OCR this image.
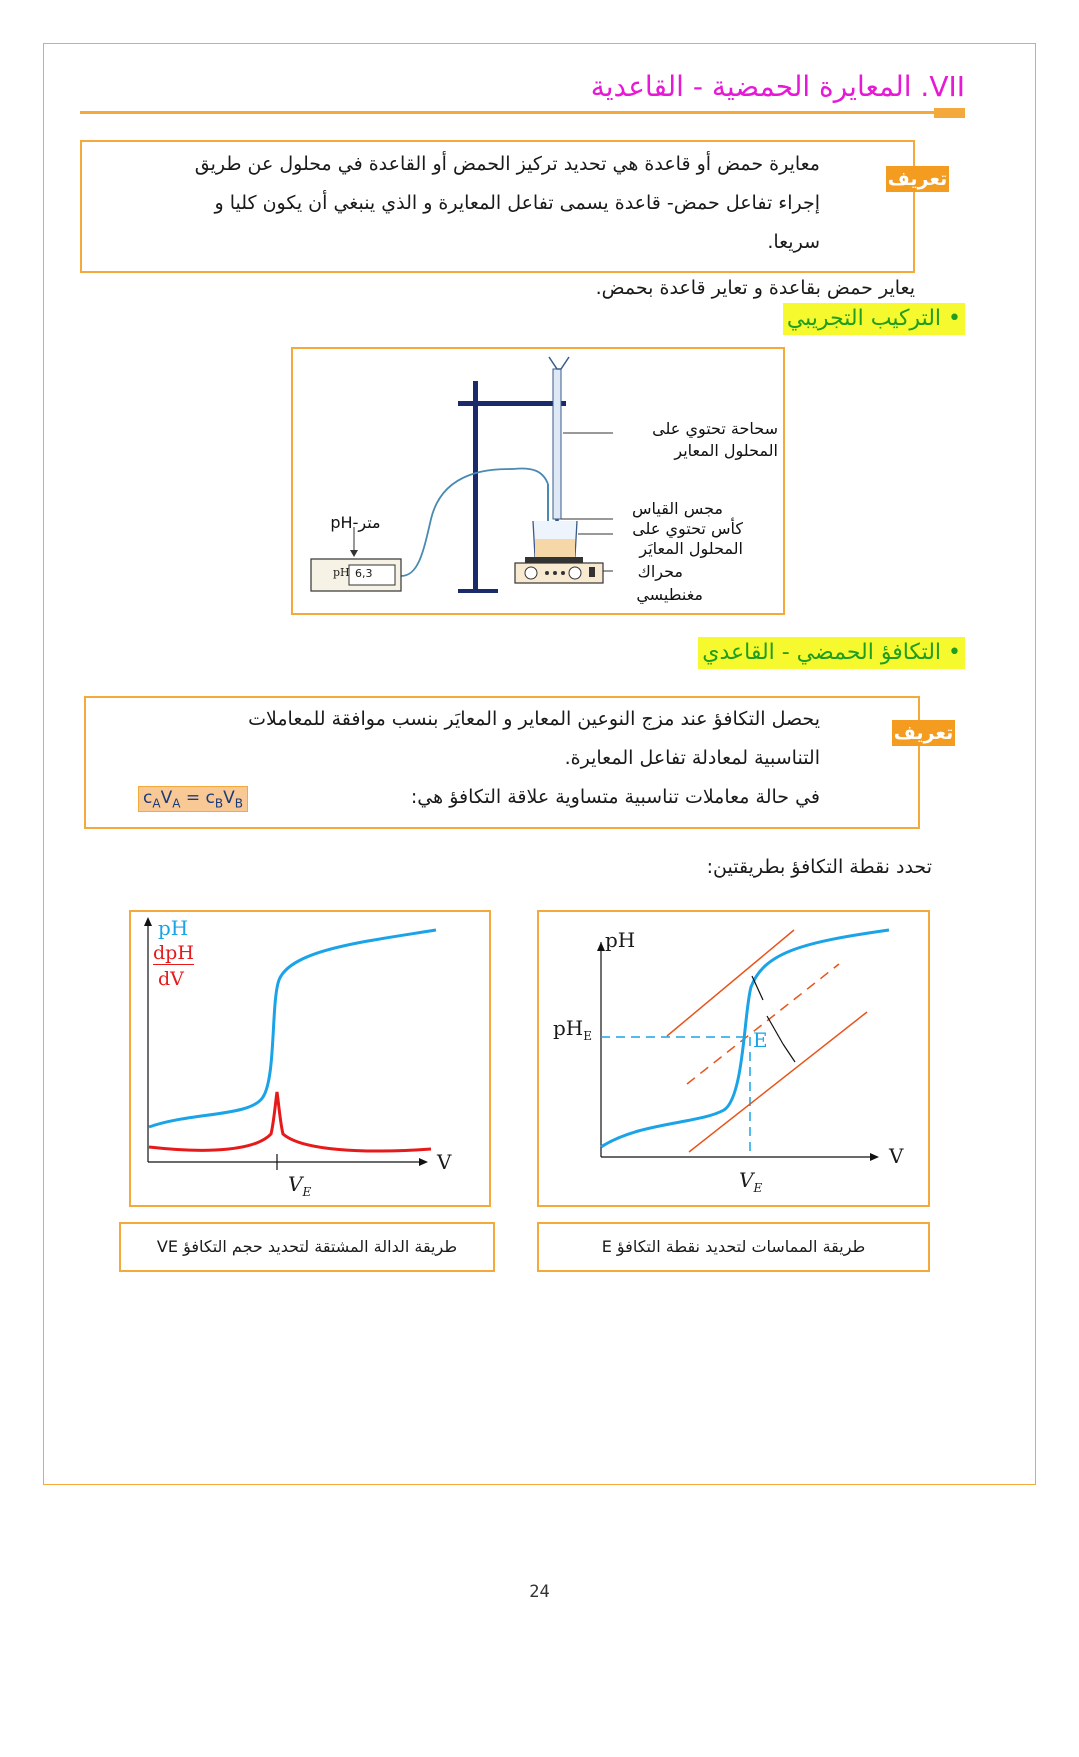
VII. المعايرة الحمضية - القاعدية
تعريف
معايرة حمض أو قاعدة هي تحديد تركيز الحمض أو القاعدة في محلول عن طريق
إجراء تفاعل حمض- قاعدة يسمى تفاعل المعايرة و الذي ينبغي أن يكون كليا و
سريعا.
يعاير حمض بقاعدة و تعاير قاعدة بحمض.
• التركيب التجريبي
pH 6,3
سحاحة تحتوي على
المحلول المعاير
مجس القياس
كأس تحتوي على
المحلول المعايَر
محراك
مغنطيسي
pH-متر
• التكافؤ الحمضي - القاعدي
تعريف
يحصل التكافؤ عند مزج النوعين المعاير و المعايَر بنسب موافقة للمعاملات
التناسبية لمعادلة تفاعل المعايرة.
في حالة معاملات تناسبية متساوية علاقة التكافؤ هي:
$c_AV_A = c_BV_B$
تحدد نقطة التكافؤ بطريقتين:
pH
dpH
dV
V
$V_E$
pH
$pH_E$	E
V
$V_E$
طريقة الدالة المشتقة لتحديد حجم التكافؤ VE	طريقة المماسات لتحديد نقطة التكافؤ E
24
